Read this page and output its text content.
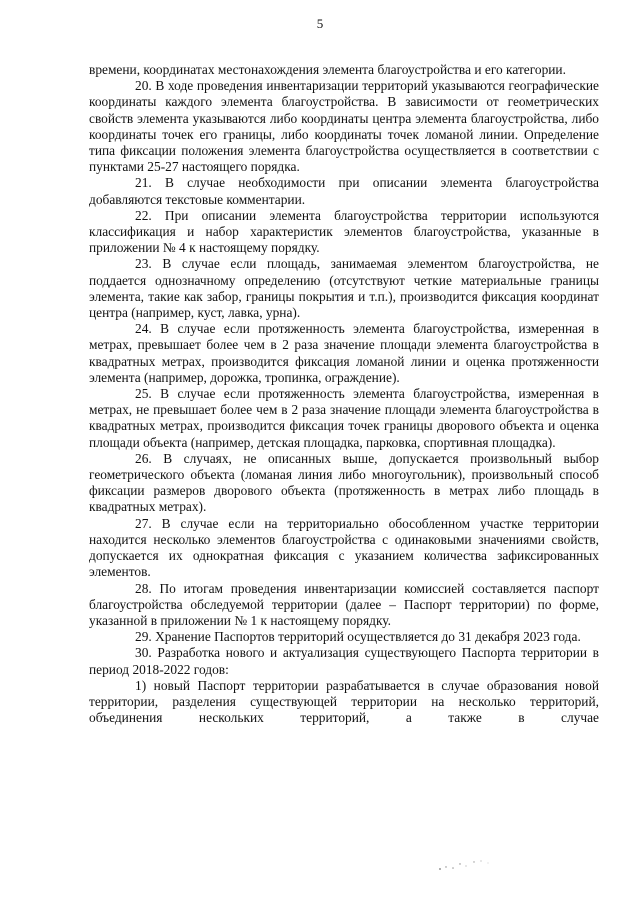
5

времени, координатах местонахождения элемента благоустройства и его категории.

20. В ходе проведения инвентаризации территорий указываются географические координаты каждого элемента благоустройства. В зависимости от геометрических свойств элемента указываются либо координаты центра элемента благоустройства, либо координаты точек его границы, либо координаты точек ломаной линии. Определение типа фиксации положения элемента благоустройства осуществляется в соответствии с пунктами 25-27 настоящего порядка.

21. В случае необходимости при описании элемента благоустройства добавляются текстовые комментарии.

22. При описании элемента благоустройства территории используются классификация и набор характеристик элементов благоустройства, указанные в приложении № 4 к настоящему порядку.

23. В случае если площадь, занимаемая элементом благоустройства, не поддается однозначному определению (отсутствуют четкие материальные границы элемента, такие как забор, границы покрытия и т.п.), производится фиксация координат центра (например, куст, лавка, урна).

24. В случае если протяженность элемента благоустройства, измеренная в метрах, превышает более чем в 2 раза значение площади элемента благоустройства в квадратных метрах, производится фиксация ломаной линии и оценка протяженности элемента (например, дорожка, тропинка, ограждение).

25. В случае если протяженность элемента благоустройства, измеренная в метрах, не превышает более чем в 2 раза значение площади элемента благоустройства в квадратных метрах, производится фиксация точек границы дворового объекта и оценка площади объекта (например, детская площадка, парковка, спортивная площадка).

26. В случаях, не описанных выше, допускается произвольный выбор геометрического объекта (ломаная линия либо многоугольник), произвольный способ фиксации размеров дворового объекта (протяженность в метрах либо площадь в квадратных метрах).

27. В случае если на территориально обособленном участке территории находится несколько элементов благоустройства с одинаковыми значениями свойств, допускается их однократная фиксация с указанием количества зафиксированных элементов.

28. По итогам проведения инвентаризации комиссией составляется паспорт благоустройства обследуемой территории (далее – Паспорт территории) по форме, указанной в приложении № 1 к настоящему порядку.

29. Хранение Паспортов территорий осуществляется до 31 декабря 2023 года.

30. Разработка нового и актуализация существующего Паспорта территории в период 2018-2022 годов:

1) новый Паспорт территории разрабатывается в случае образования новой территории, разделения существующей территории на несколько территорий, объединения нескольких территорий, а также в случае
